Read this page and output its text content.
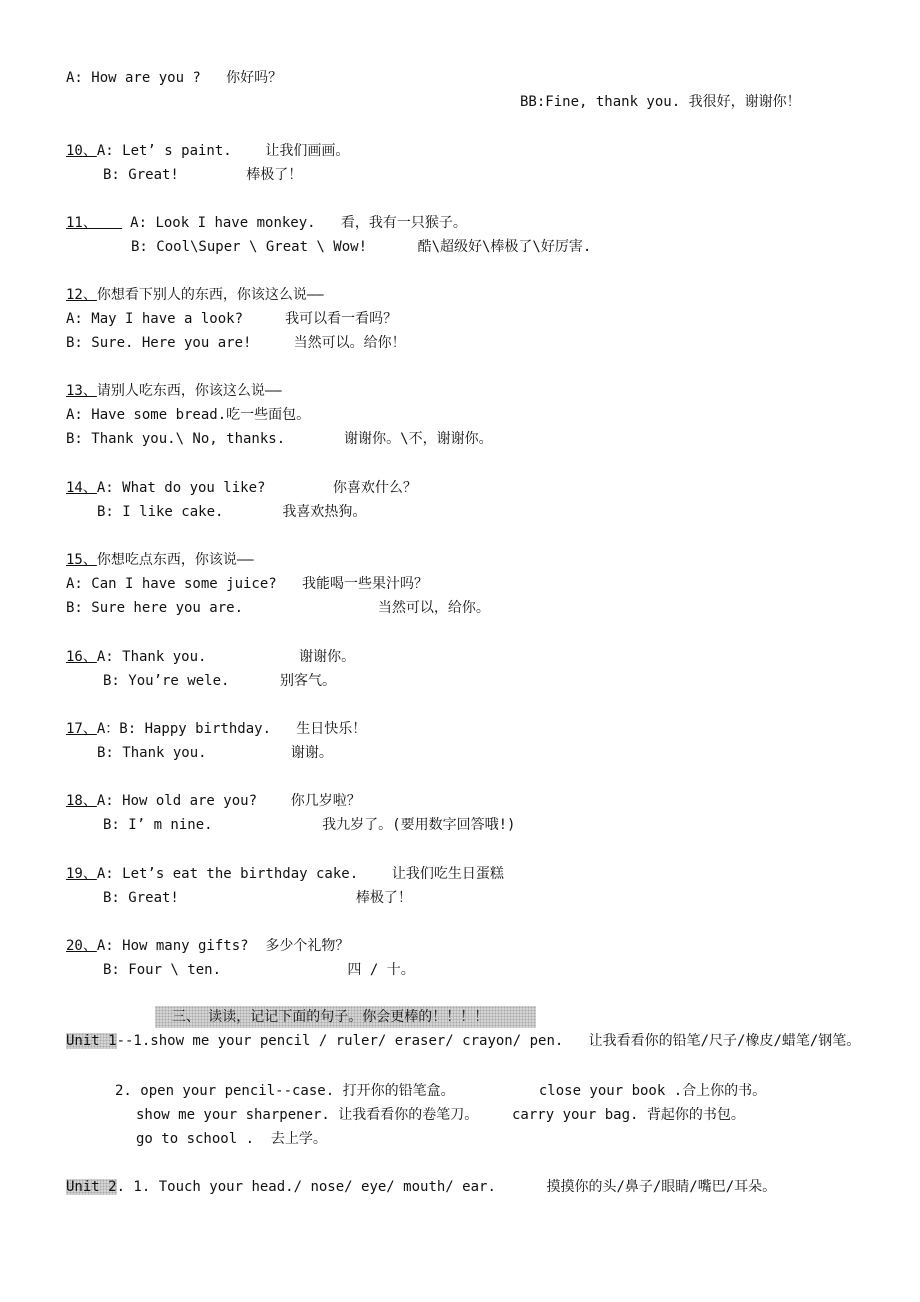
A: How are you ?   你好吗？
BB:Fine, thank you. 我很好，谢谢你！
10、A: Let’ s paint.    让我们画画。
B: Great!        棒极了！
11、   A: Look I have monkey.   看，我有一只猴子。
B: Cool\Super \ Great \ Wow!      酷\超级好\棒极了\好厉害.
12、你想看下别人的东西，你该这么说——
A: May I have a look?     我可以看一看吗？
B: Sure. Here you are!     当然可以。给你！
13、请别人吃东西，你该这么说——
A: Have some bread.吃一些面包。
B: Thank you.\ No, thanks.       谢谢你。\不，谢谢你。
14、A: What do you like?        你喜欢什么？
B: I like cake.       我喜欢热狗。
15、你想吃点东西，你该说——
A: Can I have some juice?   我能喝一些果汁吗？
B: Sure here you are.                当然可以，给你。
16、A: Thank you.           谢谢你。
B: You’re wele.      别客气。
17、A：B: Happy birthday.   生日快乐！
B: Thank you.          谢谢。
18、A: How old are you?    你几岁啦？
B: I’ m nine.             我九岁了。(要用数字回答哦!)
19、A: Let’s eat the birthday cake.    让我们吃生日蛋糕
B: Great!                     棒极了！
20、A: How many gifts?  多少个礼物？
B: Four \ ten.               四 / 十。
三、 读读，记记下面的句子。你会更棒的！！！！
Unit 1--1.show me your pencil / ruler/ eraser/ crayon/ pen.   让我看看你的铅笔/尺子/橡皮/蜡笔/钢笔。
2. open your pencil--case. 打开你的铅笔盒。          close your book .合上你的书。
show me your sharpener. 让我看看你的卷笔刀。    carry your bag. 背起你的书包。
go to school .  去上学。
Unit 2. 1. Touch your head./ nose/ eye/ mouth/ ear.      摸摸你的头/鼻子/眼睛/嘴巴/耳朵。
